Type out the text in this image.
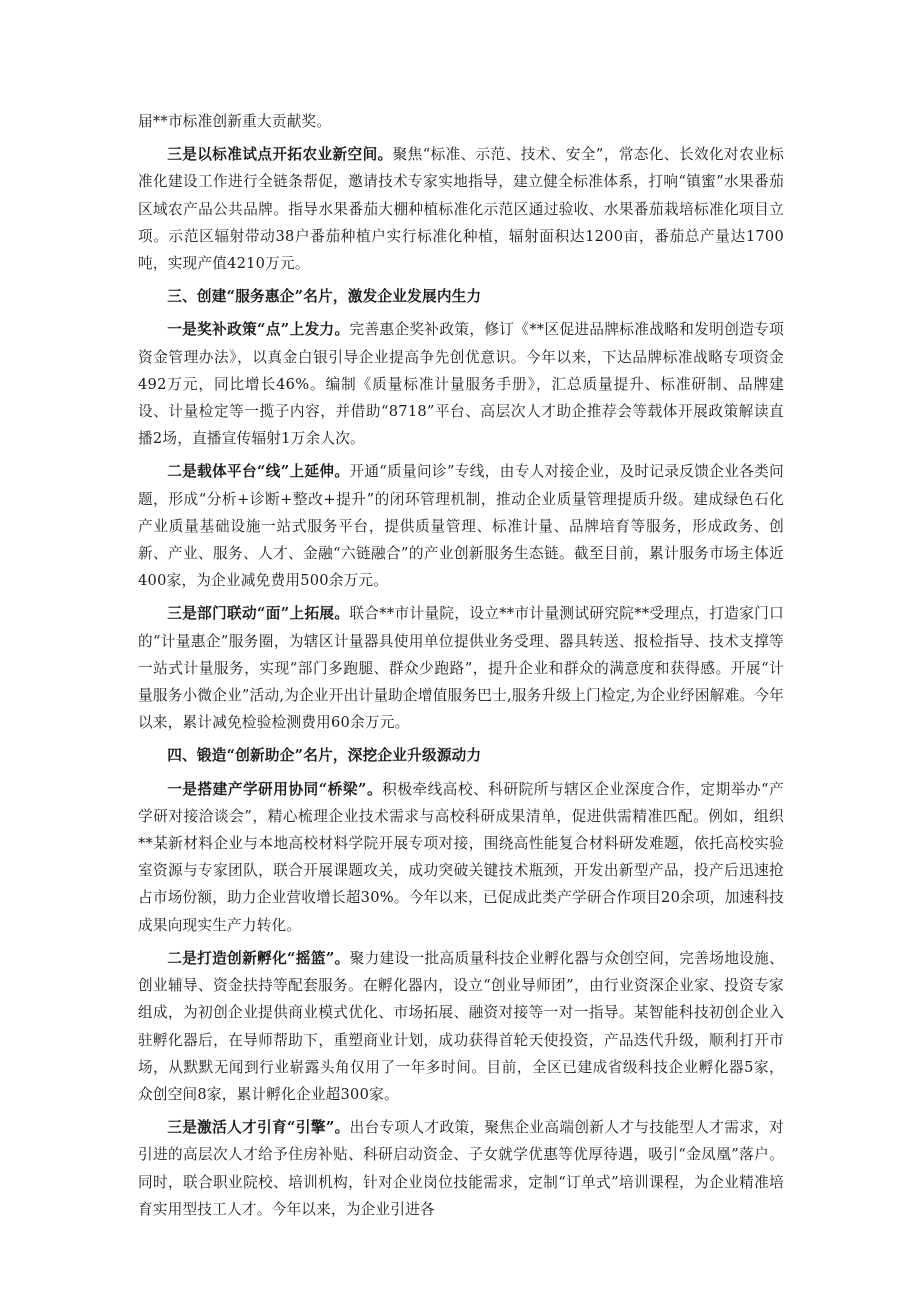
届**市标准创新重大贡献奖。

三是以标准试点开拓农业新空间。聚焦“标准、示范、技术、安全”，常态化、长效化对农业标准化建设工作进行全链条帮促，邀请技术专家实地指导，建立健全标准体系，打响“镇蜜”水果番茄区域农产品公共品牌。指导水果番茄大棚种植标准化示范区通过验收、水果番茄栽培标准化项目立项。示范区辐射带动38户番茄种植户实行标准化种植，辐射面积达1200亩，番茄总产量达1700吨，实现产值4210万元。

三、创建“服务惠企”名片，激发企业发展内生力

一是奖补政策“点”上发力。完善惠企奖补政策，修订《**区促进品牌标准战略和发明创造专项资金管理办法》，以真金白银引导企业提高争先创优意识。今年以来，下达品牌标准战略专项资金492万元，同比增长46%。编制《质量标准计量服务手册》，汇总质量提升、标准研制、品牌建设、计量检定等一揽子内容，并借助“8718”平台、高层次人才助企推荐会等载体开展政策解读直播2场，直播宣传辐射1万余人次。

二是载体平台“线”上延伸。开通“质量问诊”专线，由专人对接企业，及时记录反馈企业各类问题，形成“分析+诊断+整改+提升”的闭环管理机制，推动企业质量管理提质升级。建成绿色石化产业质量基础设施一站式服务平台，提供质量管理、标准计量、品牌培育等服务，形成政务、创新、产业、服务、人才、金融“六链融合”的产业创新服务生态链。截至目前，累计服务市场主体近400家，为企业减免费用500余万元。

三是部门联动“面”上拓展。联合**市计量院，设立**市计量测试研究院**受理点，打造家门口的“计量惠企”服务圈，为辖区计量器具使用单位提供业务受理、器具转送、报检指导、技术支撑等一站式计量服务，实现“部门多跑腿、群众少跑路”，提升企业和群众的满意度和获得感。开展“计量服务小微企业”活动,为企业开出计量助企增值服务巴士,服务升级上门检定,为企业纾困解难。今年以来，累计减免检验检测费用60余万元。

四、锻造“创新助企”名片，深挖企业升级源动力

一是搭建产学研用协同“桥梁”。积极牵线高校、科研院所与辖区企业深度合作，定期举办“产学研对接洽谈会”，精心梳理企业技术需求与高校科研成果清单，促进供需精准匹配。例如，组织**某新材料企业与本地高校材料学院开展专项对接，围绕高性能复合材料研发难题，依托高校实验室资源与专家团队，联合开展课题攻关，成功突破关键技术瓶颈，开发出新型产品，投产后迅速抢占市场份额，助力企业营收增长超30%。今年以来，已促成此类产学研合作项目20余项，加速科技成果向现实生产力转化。

二是打造创新孵化“摇篮”。聚力建设一批高质量科技企业孵化器与众创空间，完善场地设施、创业辅导、资金扶持等配套服务。在孵化器内，设立“创业导师团”，由行业资深企业家、投资专家组成，为初创企业提供商业模式优化、市场拓展、融资对接等一对一指导。某智能科技初创企业入驻孵化器后，在导师帮助下，重塑商业计划，成功获得首轮天使投资，产品迭代升级，顺利打开市场，从默默无闻到行业崭露头角仅用了一年多时间。目前，全区已建成省级科技企业孵化器5家，众创空间8家，累计孵化企业超300家。

三是激活人才引育“引擎”。出台专项人才政策，聚焦企业高端创新人才与技能型人才需求，对引进的高层次人才给予住房补贴、科研启动资金、子女就学优惠等优厚待遇，吸引“金凤凰”落户。同时，联合职业院校、培训机构，针对企业岗位技能需求，定制“订单式”培训课程，为企业精准培育实用型技工人才。今年以来，为企业引进各
